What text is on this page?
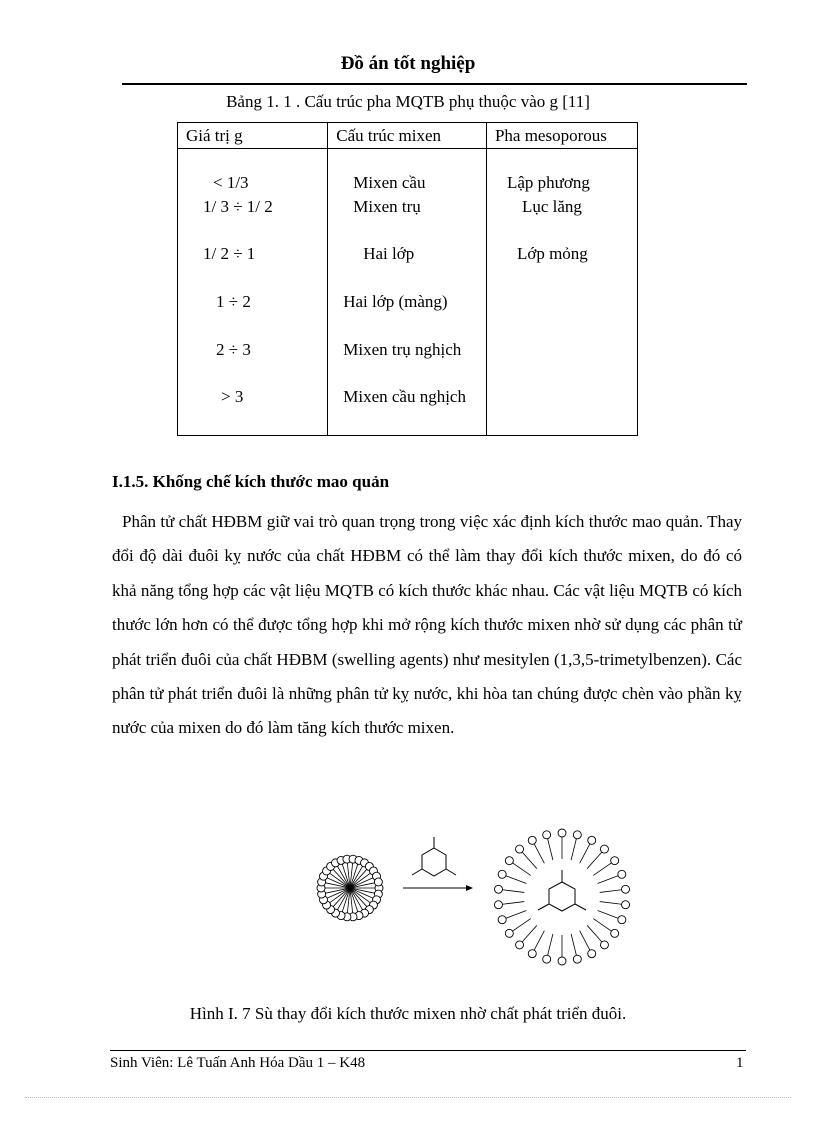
Đồ án tốt nghiệp
Bảng 1. 1 . Cấu trúc pha MQTB phụ thuộc vào g [11]
Giá trị g	Cấu trúc mixen	Pha mesoporous

< 1/3	Mixen cầu	Lập phương

1/ 3 ÷ 1/ 2	Mixen trụ	Lục lăng

1/ 2 ÷ 1	Hai lớp	Lớp mỏng

1 ÷ 2	Hai lớp (màng)	

2 ÷ 3	Mixen trụ nghịch	

> 3	Mixen cầu nghịch	

I.1.5. Khống chế kích thước mao quản
Phân tử chất HĐBM giữ vai trò quan trọng trong việc xác định kích thước mao quản. Thay đổi độ dài đuôi kỵ nước của chất HĐBM có thể làm thay đổi kích thước mixen, do đó có khả năng tổng hợp các vật liệu MQTB có kích thước khác nhau. Các vật liệu MQTB có kích thước lớn hơn có thể được tổng hợp khi mở rộng kích thước mixen nhờ sử dụng các phân tử phát triển đuôi của chất HĐBM (swelling agents) như mesitylen (1,3,5-trimetylbenzen). Các phân tử phát triển đuôi là những phân tử kỵ nước, khi hòa tan chúng được chèn vào phần kỵ nước của mixen do đó làm tăng kích thước mixen.
Hình I. 7 Sù thay đổi kích thước mixen nhờ chất phát triển đuôi.
Sinh Viên: Lê Tuấn Anh Hóa Dầu 1 – K48	1
